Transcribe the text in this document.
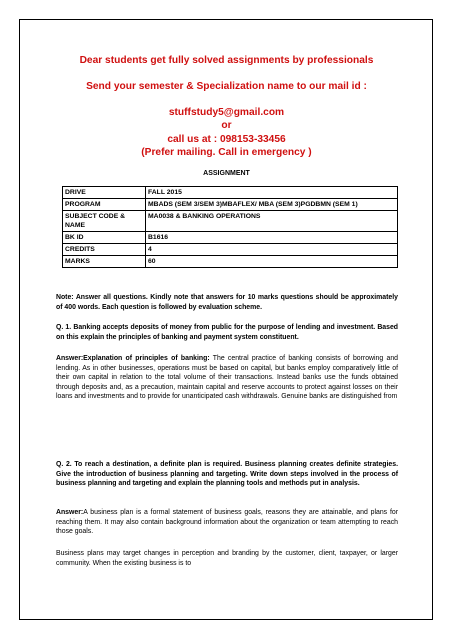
Dear students get fully solved assignments by professionals
Send your semester & Specialization name to our mail id :
stuffstudy5@gmail.com
or
call us at : 098153-33456
(Prefer mailing. Call in emergency )
ASSIGNMENT
DRIVE	FALL 2015
PROGRAM	MBADS (SEM 3/SEM 3)MBAFLEX/ MBA (SEM 3)PGDBMN (SEM 1)
SUBJECT CODE & NAME	MA0038 & BANKING OPERATIONS
BK ID	B1616
CREDITS	4
MARKS	60
Note: Answer all questions. Kindly note that answers for 10 marks questions should be approximately of 400 words. Each question is followed by evaluation scheme.
Q. 1. Banking accepts deposits of money from public for the purpose of lending and investment. Based on this explain the principles of banking and payment system constituent.
Answer:Explanation of principles of banking: The central practice of banking consists of borrowing and lending. As in other businesses, operations must be based on capital, but banks employ comparatively little of their own capital in relation to the total volume of their transactions. Instead banks use the funds obtained through deposits and, as a precaution, maintain capital and reserve accounts to protect against losses on their loans and investments and to provide for unanticipated cash withdrawals. Genuine banks are distinguished from
Q. 2. To reach a destination, a definite plan is required. Business planning creates definite strategies. Give the introduction of business planning and targeting. Write down steps involved in the process of business planning and targeting and explain the planning tools and methods put in analysis.
Answer:A business plan is a formal statement of business goals, reasons they are attainable, and plans for reaching them. It may also contain background information about the organization or team attempting to reach those goals.
Business plans may target changes in perception and branding by the customer, client, taxpayer, or larger community. When the existing business is to
